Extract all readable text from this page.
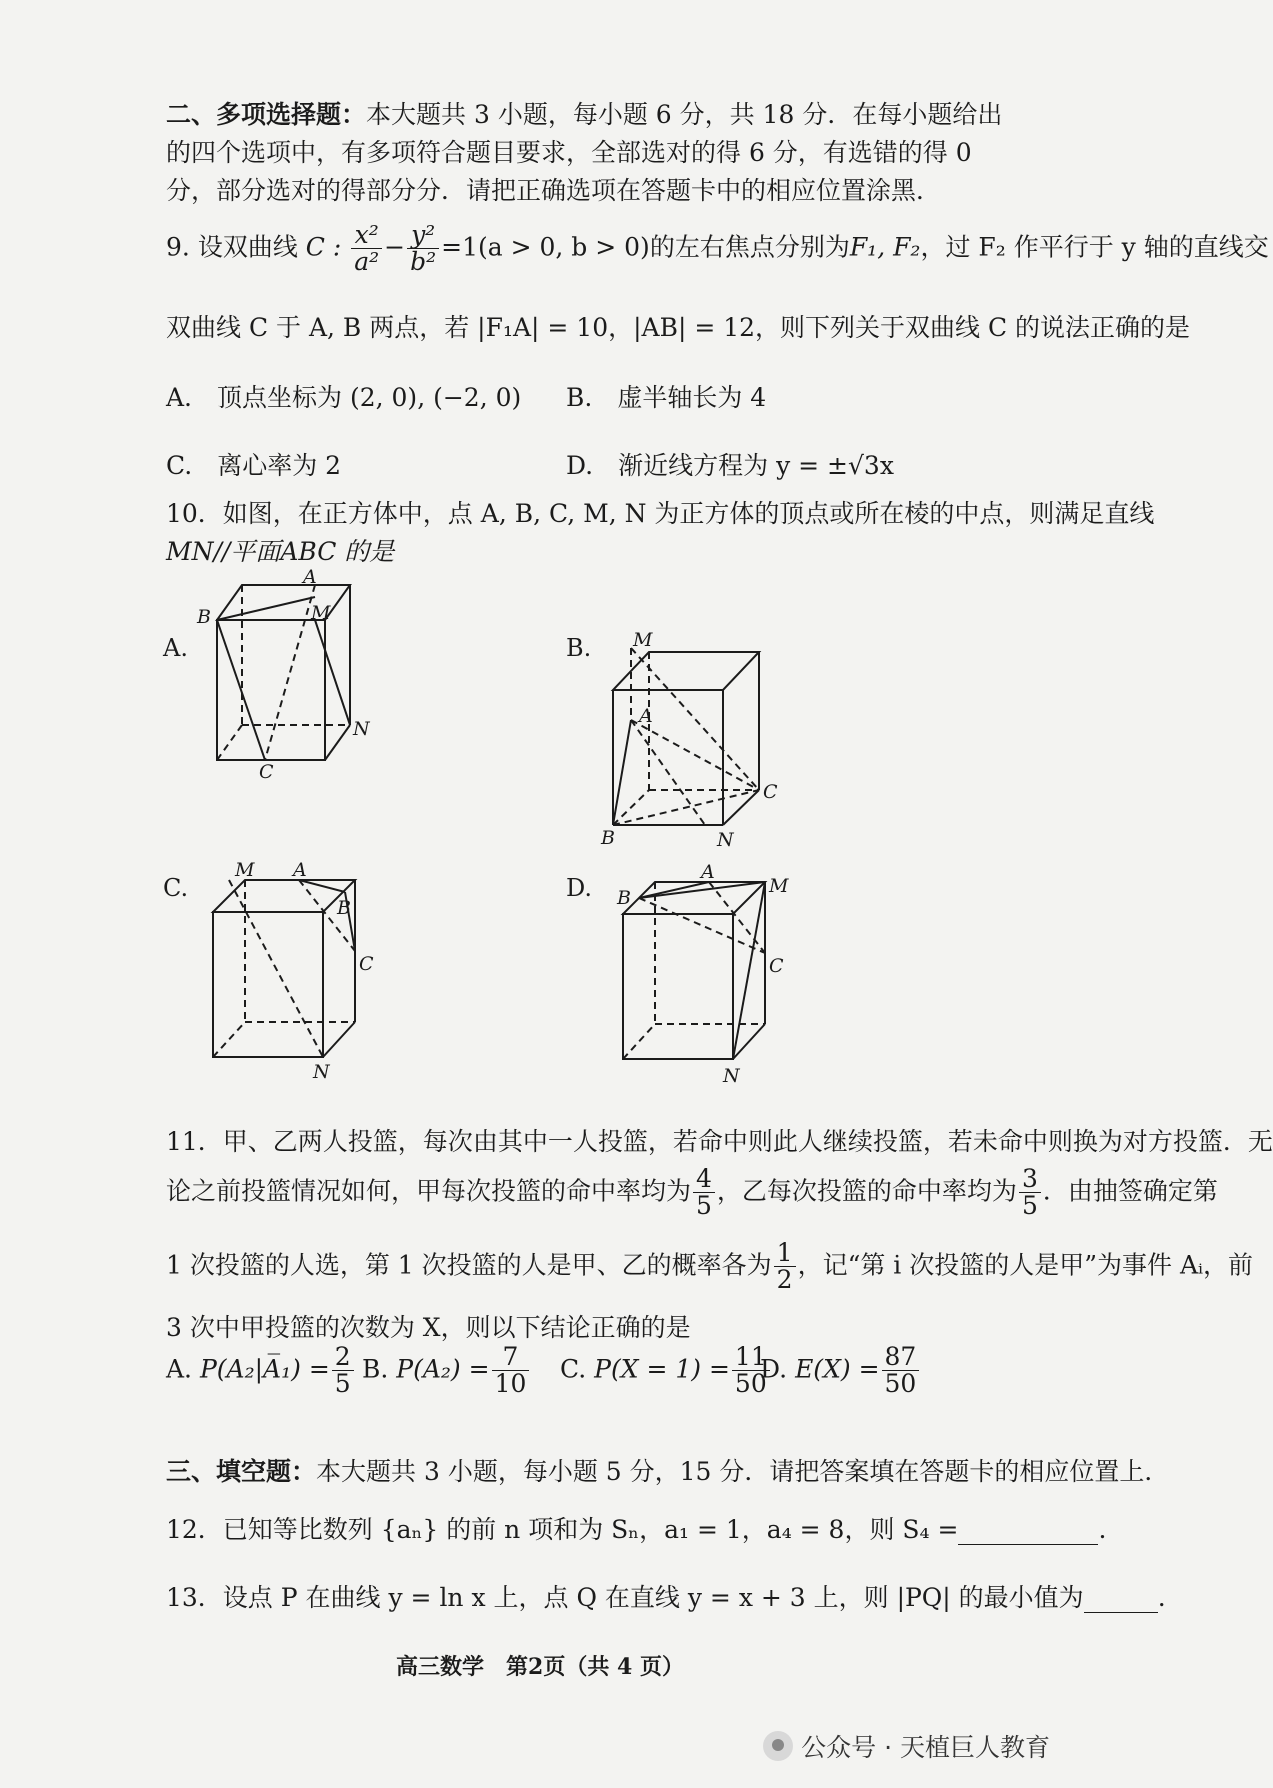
二、多项选择题：本大题共 3 小题，每小题 6 分，共 18 分．在每小题给出的四个选项中，有多项符合题目要求，全部选对的得 6 分，有选错的得 0 分，部分选对的得部分分．请把正确选项在答题卡中的相应位置涂黑．
9. 设双曲线 C : $\frac{\text{x²}}{\text{a²}} - \frac{\text{y²}}{\text{b²}} =1(a > 0$, b > 0)的左右焦点分别为F₁, F₂，过 F₂ 作平行于 y 轴的直线交
双曲线 C 于 A, B 两点，若 |F₁A| = 10，|AB| = 12，则下列关于双曲线 C 的说法正确的是
A.　 顶点坐标为 (2, 0), (−2, 0) B.　 虚半轴长为 4
C.　 离心率为 2	D.　 渐近线方程为 y = ±√3x
10．如图，在正方体中，点 A, B, C, M, N 为正方体的顶点或所在棱的中点，则满足直线
MN//平面ABC 的是
A.
A
B	M
N
C
B. M
A
C
B	N
C.
M A
B
C
N
D.
A
B
M
C
N
11．甲、乙两人投篮，每次由其中一人投篮，若命中则此人继续投篮，若未命中则换为对方投篮．无
论之前投篮情况如何，甲每次投篮的命中率均为 $\frac{4}{5}$ ，乙每次投篮的命中率均为 $\frac{3}{5}$ ．由抽签确定第
1 次投篮的人选，第 1 次投篮的人是甲、乙的概率各为 $\frac{1}{2}$ ，记“第 i 次投篮的人是甲”为事件 Aᵢ，前
3 次中甲投篮的次数为 X，则以下结论正确的是
A. P(A₂|A̅₁) = $\frac{2}{5} B$. $P(A_2) = \frac{7}{10} C$. $P(X = 1) = \frac{11}{50}$
D. $E(X) = \frac{87}{50}$
三、填空题：本大题共 3 小题，每小题 5 分，15 分．请把答案填在答题卡的相应位置上．
12．已知等比数列 {aₙ} 的前 n 项和为 Sₙ，a₁ = 1，a₄ = 8，则 S₄ =	.
13．设点 P 在曲线 y = ln x 上，点 Q 在直线 y = x + 3 上，则 |PQ| 的最小值为	.
高三数学　第2页（共 4 页）
公众号 · 天植巨人教育
